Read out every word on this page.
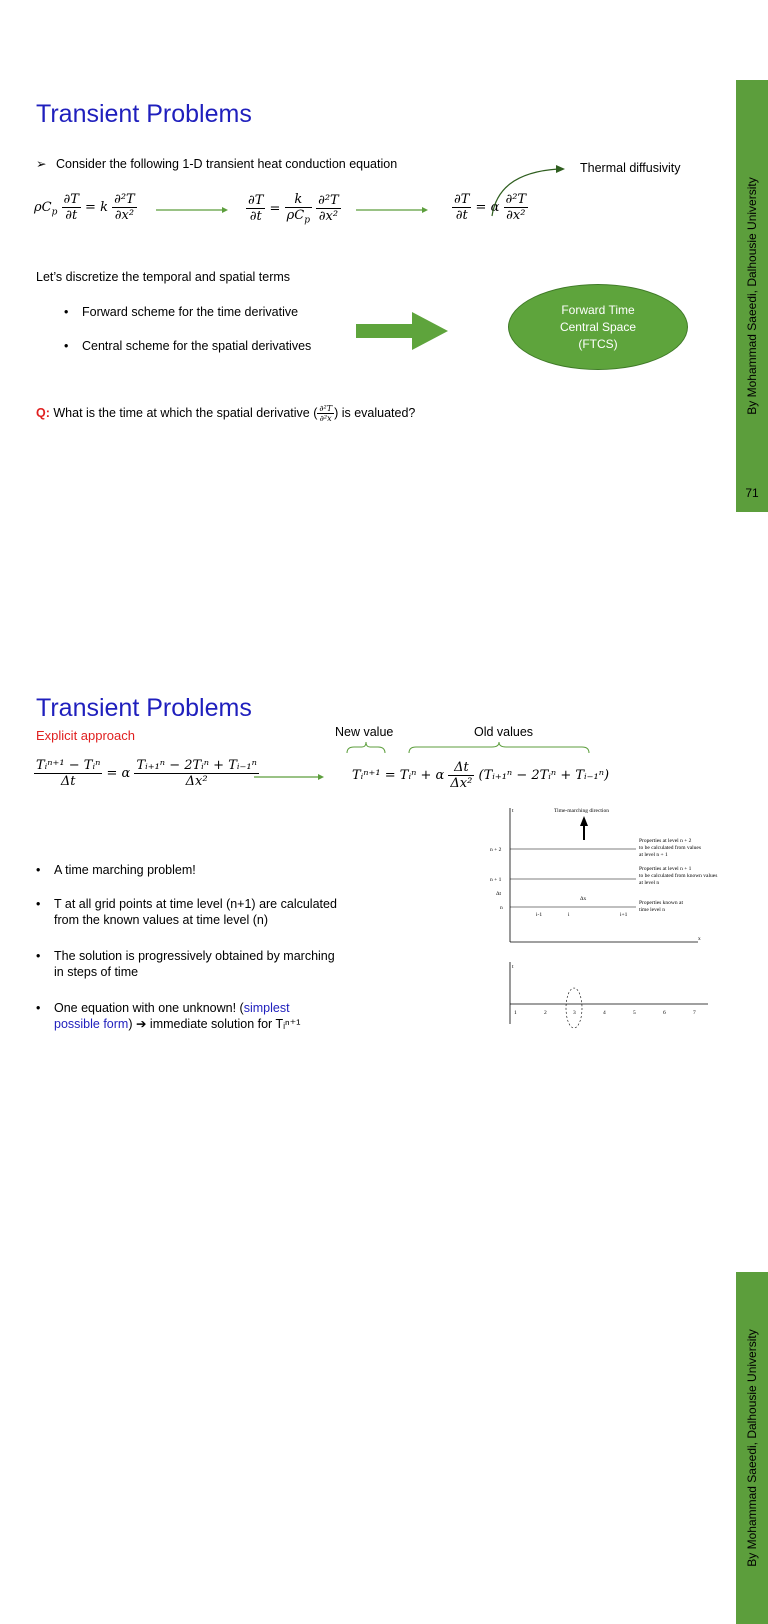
Transient Problems
By Mohammad Saeedi, Dalhousie University
71
➢ Consider the following 1-D transient heat conduction equation
$\rho C_p \frac{\partial T}{\partial t} = k \frac{\text{∂²T}}{\text{∂x²}}$	$\frac{\partial T}{\partial t} = \frac{k}{\rho C_p}$
$\frac{\text{∂²T}}{\text{∂x²}}$	$\frac{\partial T}{\partial t} = \alpha \frac{\text{∂²T}}{\text{∂x²}}$
Thermal diffusivity
Let’s discretize the temporal and spatial terms
• Forward scheme for the time derivative
• Central scheme for the spatial derivatives
Forward Time
Central Space
(FTCS)
Q: What is the time at which the spatial derivative ( $\frac{\text{∂²T}}{\text{∂²x}}$ ) is evaluated?
Transient Problems
Explicit approach
By Mohammad Saeedi, Dalhousie University
New value	Old values
$\frac{\text{Tᵢⁿ⁺¹ − Tᵢⁿ}}{\Delta t} = \alpha \frac{\text{Tᵢ₊₁ⁿ − 2Tᵢⁿ + Tᵢ₋₁ⁿ}}{\text{Δx²}}$	Tᵢⁿ⁺¹ = Tᵢⁿ + α $\frac{\Delta t}{\text{Δx²}}$ (Tᵢ₊₁ⁿ − 2Tᵢⁿ + Tᵢ₋₁ⁿ)
• A time marching problem!
• T at all grid points at time level (n+1) are calculated
from the known values at time level (n)
• The solution is progressively obtained by marching
in steps of time
• One equation with one unknown! (simplest
possible form) ➔ immediate solution for Tᵢⁿ⁺¹
t
x
Time-marching direction
n + 2
n + 1
Δt
n
Δx
i-1	i	i+1
Properties at level n + 2
to be calculated from values
at level n + 1
Properties at level n + 1
to be calculated from known values
at level n
Properties known at
time level n
t
1	2	3	4	5	6	7
